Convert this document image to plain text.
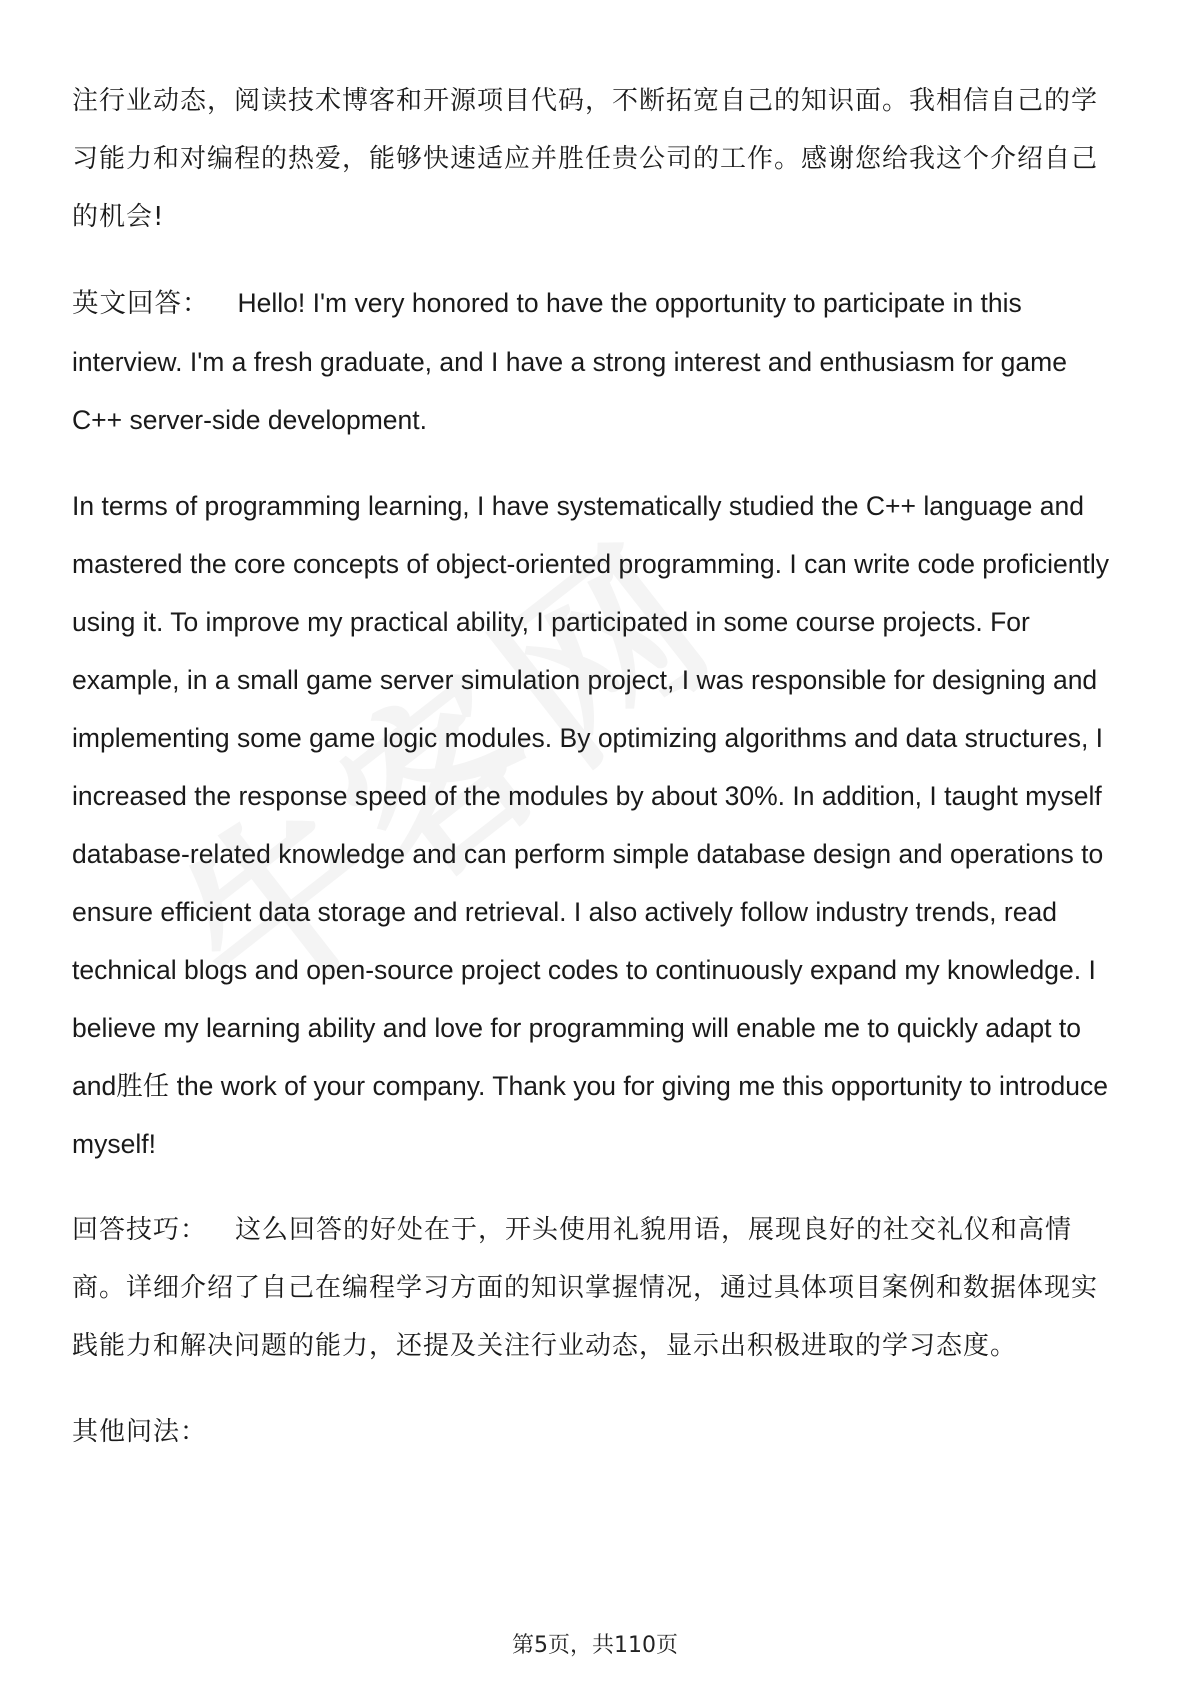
注行业动态，阅读技术博客和开源项目代码，不断拓宽自己的知识面。我相信自己的学习能力和对编程的热爱，能够快速适应并胜任贵公司的工作。感谢您给我这个介绍自己的机会!

英文回答： Hello! I'm very honored to have the opportunity to participate in this interview. I'm a fresh graduate, and I have a strong interest and enthusiasm for game C++ server-side development.

In terms of programming learning, I have systematically studied the C++ language and mastered the core concepts of object-oriented programming. I can write code proficiently using it. To improve my practical ability, I participated in some course projects. For example, in a small game server simulation project, I was responsible for designing and implementing some game logic modules. By optimizing algorithms and data structures, I increased the response speed of the modules by about 30%. In addition, I taught myself database-related knowledge and can perform simple database design and operations to ensure efficient data storage and retrieval. I also actively follow industry trends, read technical blogs and open-source project codes to continuously expand my knowledge. I believe my learning ability and love for programming will enable me to quickly adapt to and胜任 the work of your company. Thank you for giving me this opportunity to introduce myself!

回答技巧： 这么回答的好处在于，开头使用礼貌用语，展现良好的社交礼仪和高情商。详细介绍了自己在编程学习方面的知识掌握情况，通过具体项目案例和数据体现实践能力和解决问题的能力，还提及关注行业动态，显示出积极进取的学习态度。

其他问法：

第5页，共110页
